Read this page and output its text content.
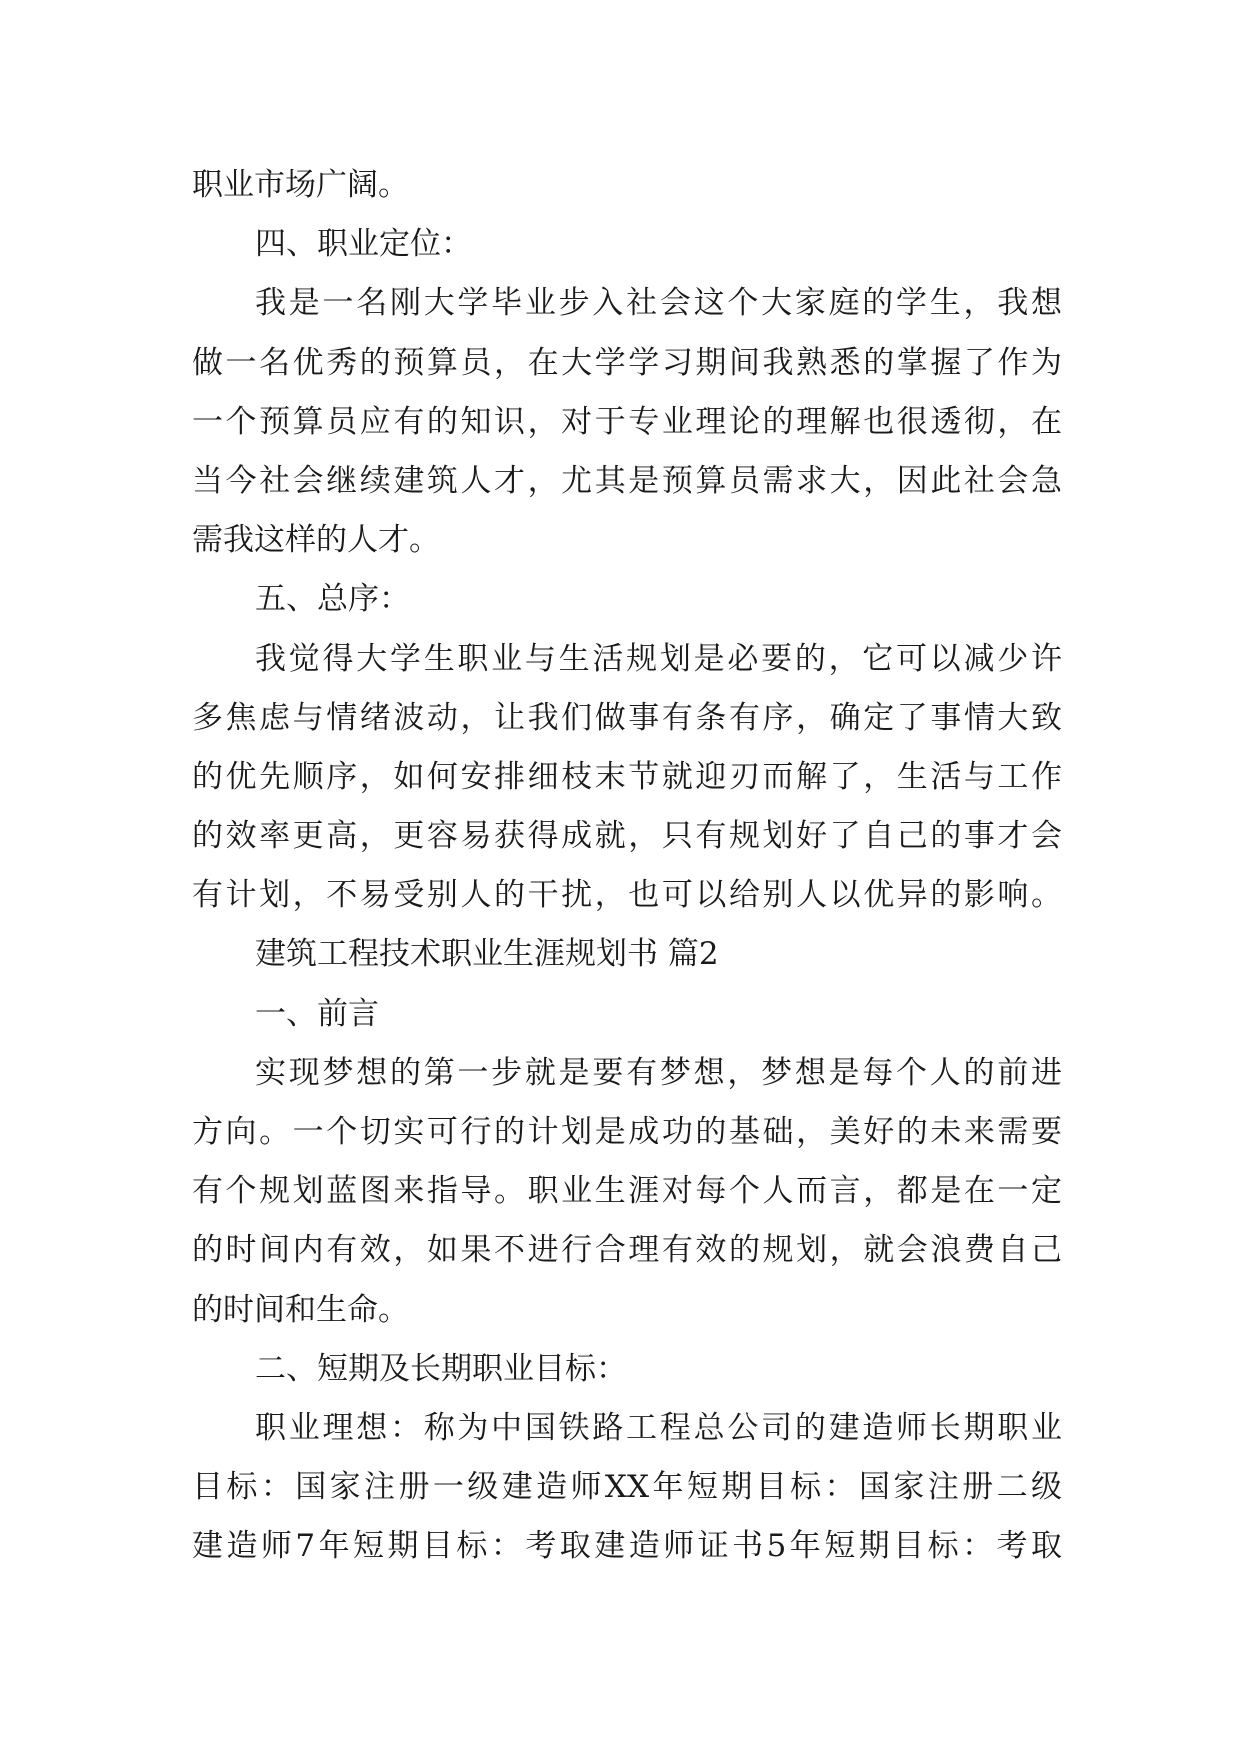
职业市场广阔。
四、职业定位：
我是一名刚大学毕业步入社会这个大家庭的学生，我想
做一名优秀的预算员，在大学学习期间我熟悉的掌握了作为
一个预算员应有的知识，对于专业理论的理解也很透彻，在
当今社会继续建筑人才，尤其是预算员需求大，因此社会急
需我这样的人才。
五、总序：
我觉得大学生职业与生活规划是必要的，它可以减少许
多焦虑与情绪波动，让我们做事有条有序，确定了事情大致
的优先顺序，如何安排细枝末节就迎刃而解了，生活与工作
的效率更高，更容易获得成就，只有规划好了自己的事才会
有计划，不易受别人的干扰，也可以给别人以优异的影响。
建筑工程技术职业生涯规划书 篇2
一、前言
实现梦想的第一步就是要有梦想，梦想是每个人的前进
方向。一个切实可行的计划是成功的基础，美好的未来需要
有个规划蓝图来指导。职业生涯对每个人而言，都是在一定
的时间内有效，如果不进行合理有效的规划，就会浪费自己
的时间和生命。
二、短期及长期职业目标：
职业理想：称为中国铁路工程总公司的建造师长期职业
目标：国家注册一级建造师XX年短期目标：国家注册二级
建造师7年短期目标：考取建造师证书5年短期目标：考取
